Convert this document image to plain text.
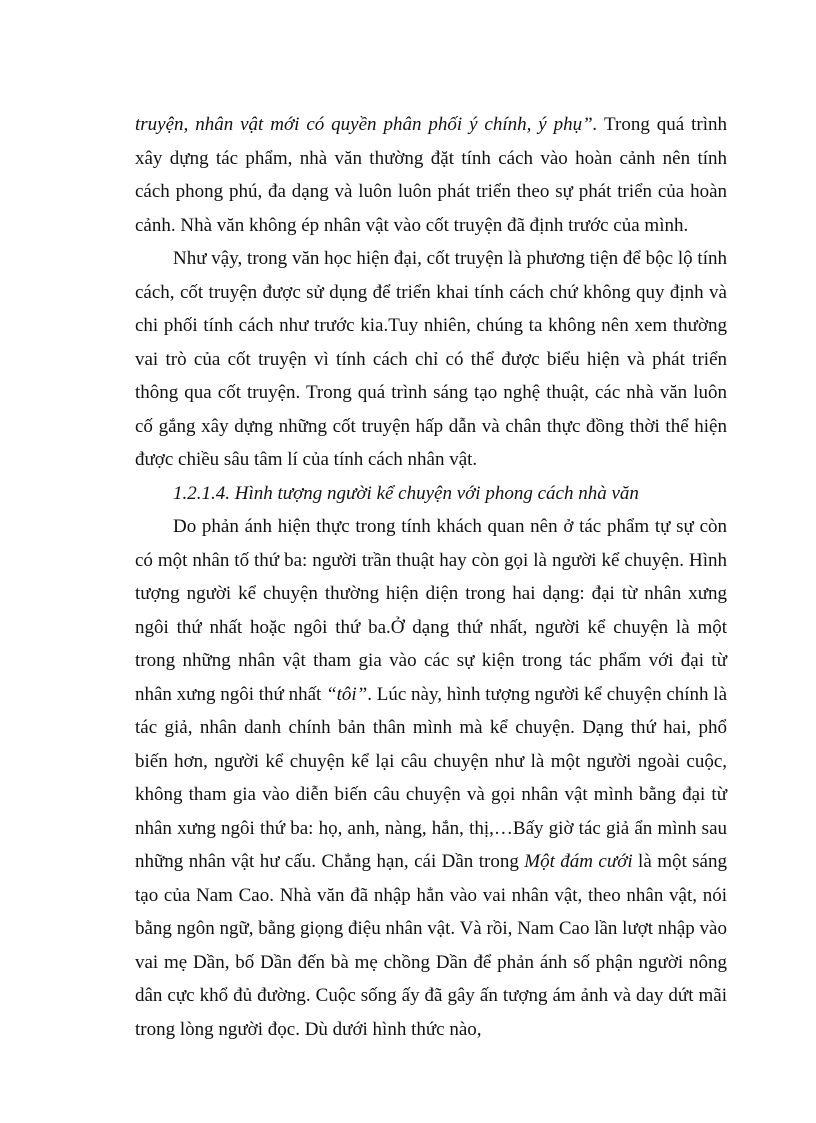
truyện, nhân vật mới có quyền phân phối ý chính, ý phụ”. Trong quá trình xây dựng tác phẩm, nhà văn thường đặt tính cách vào hoàn cảnh nên tính cách phong phú, đa dạng và luôn luôn phát triển theo sự phát triển của hoàn cảnh. Nhà văn không ép nhân vật vào cốt truyện đã định trước của mình.

Như vậy, trong văn học hiện đại, cốt truyện là phương tiện để bộc lộ tính cách, cốt truyện được sử dụng để triển khai tính cách chứ không quy định và chi phối tính cách như trước kia.Tuy nhiên, chúng ta không nên xem thường vai trò của cốt truyện vì tính cách chỉ có thể được biểu hiện và phát triển thông qua cốt truyện. Trong quá trình sáng tạo nghệ thuật, các nhà văn luôn cố gắng xây dựng những cốt truyện hấp dẫn và chân thực đồng thời thể hiện được chiều sâu tâm lí của tính cách nhân vật.

1.2.1.4. Hình tượng người kể chuyện với phong cách nhà văn

Do phản ánh hiện thực trong tính khách quan nên ở tác phẩm tự sự còn có một nhân tố thứ ba: người trần thuật hay còn gọi là người kể chuyện. Hình tượng người kể chuyện thường hiện diện trong hai dạng: đại từ nhân xưng ngôi thứ nhất hoặc ngôi thứ ba.Ở dạng thứ nhất, người kể chuyện là một trong những nhân vật tham gia vào các sự kiện trong tác phẩm với đại từ nhân xưng ngôi thứ nhất “tôi”. Lúc này, hình tượng người kể chuyện chính là tác giả, nhân danh chính bản thân mình mà kể chuyện. Dạng thứ hai, phổ biến hơn, người kể chuyện kể lại câu chuyện như là một người ngoài cuộc, không tham gia vào diễn biến câu chuyện và gọi nhân vật mình bằng đại từ nhân xưng ngôi thứ ba: họ, anh, nàng, hắn, thị,…Bấy giờ tác giả ẩn mình sau những nhân vật hư cấu. Chẳng hạn, cái Dần trong Một đám cưới là một sáng tạo của Nam Cao. Nhà văn đã nhập hẳn vào vai nhân vật, theo nhân vật, nói bằng ngôn ngữ, bằng giọng điệu nhân vật. Và rồi, Nam Cao lần lượt nhập vào vai mẹ Dần, bố Dần đến bà mẹ chồng Dần để phản ánh số phận người nông dân cực khổ đủ đường. Cuộc sống ấy đã gây ấn tượng ám ảnh và day dứt mãi trong lòng người đọc. Dù dưới hình thức nào,
